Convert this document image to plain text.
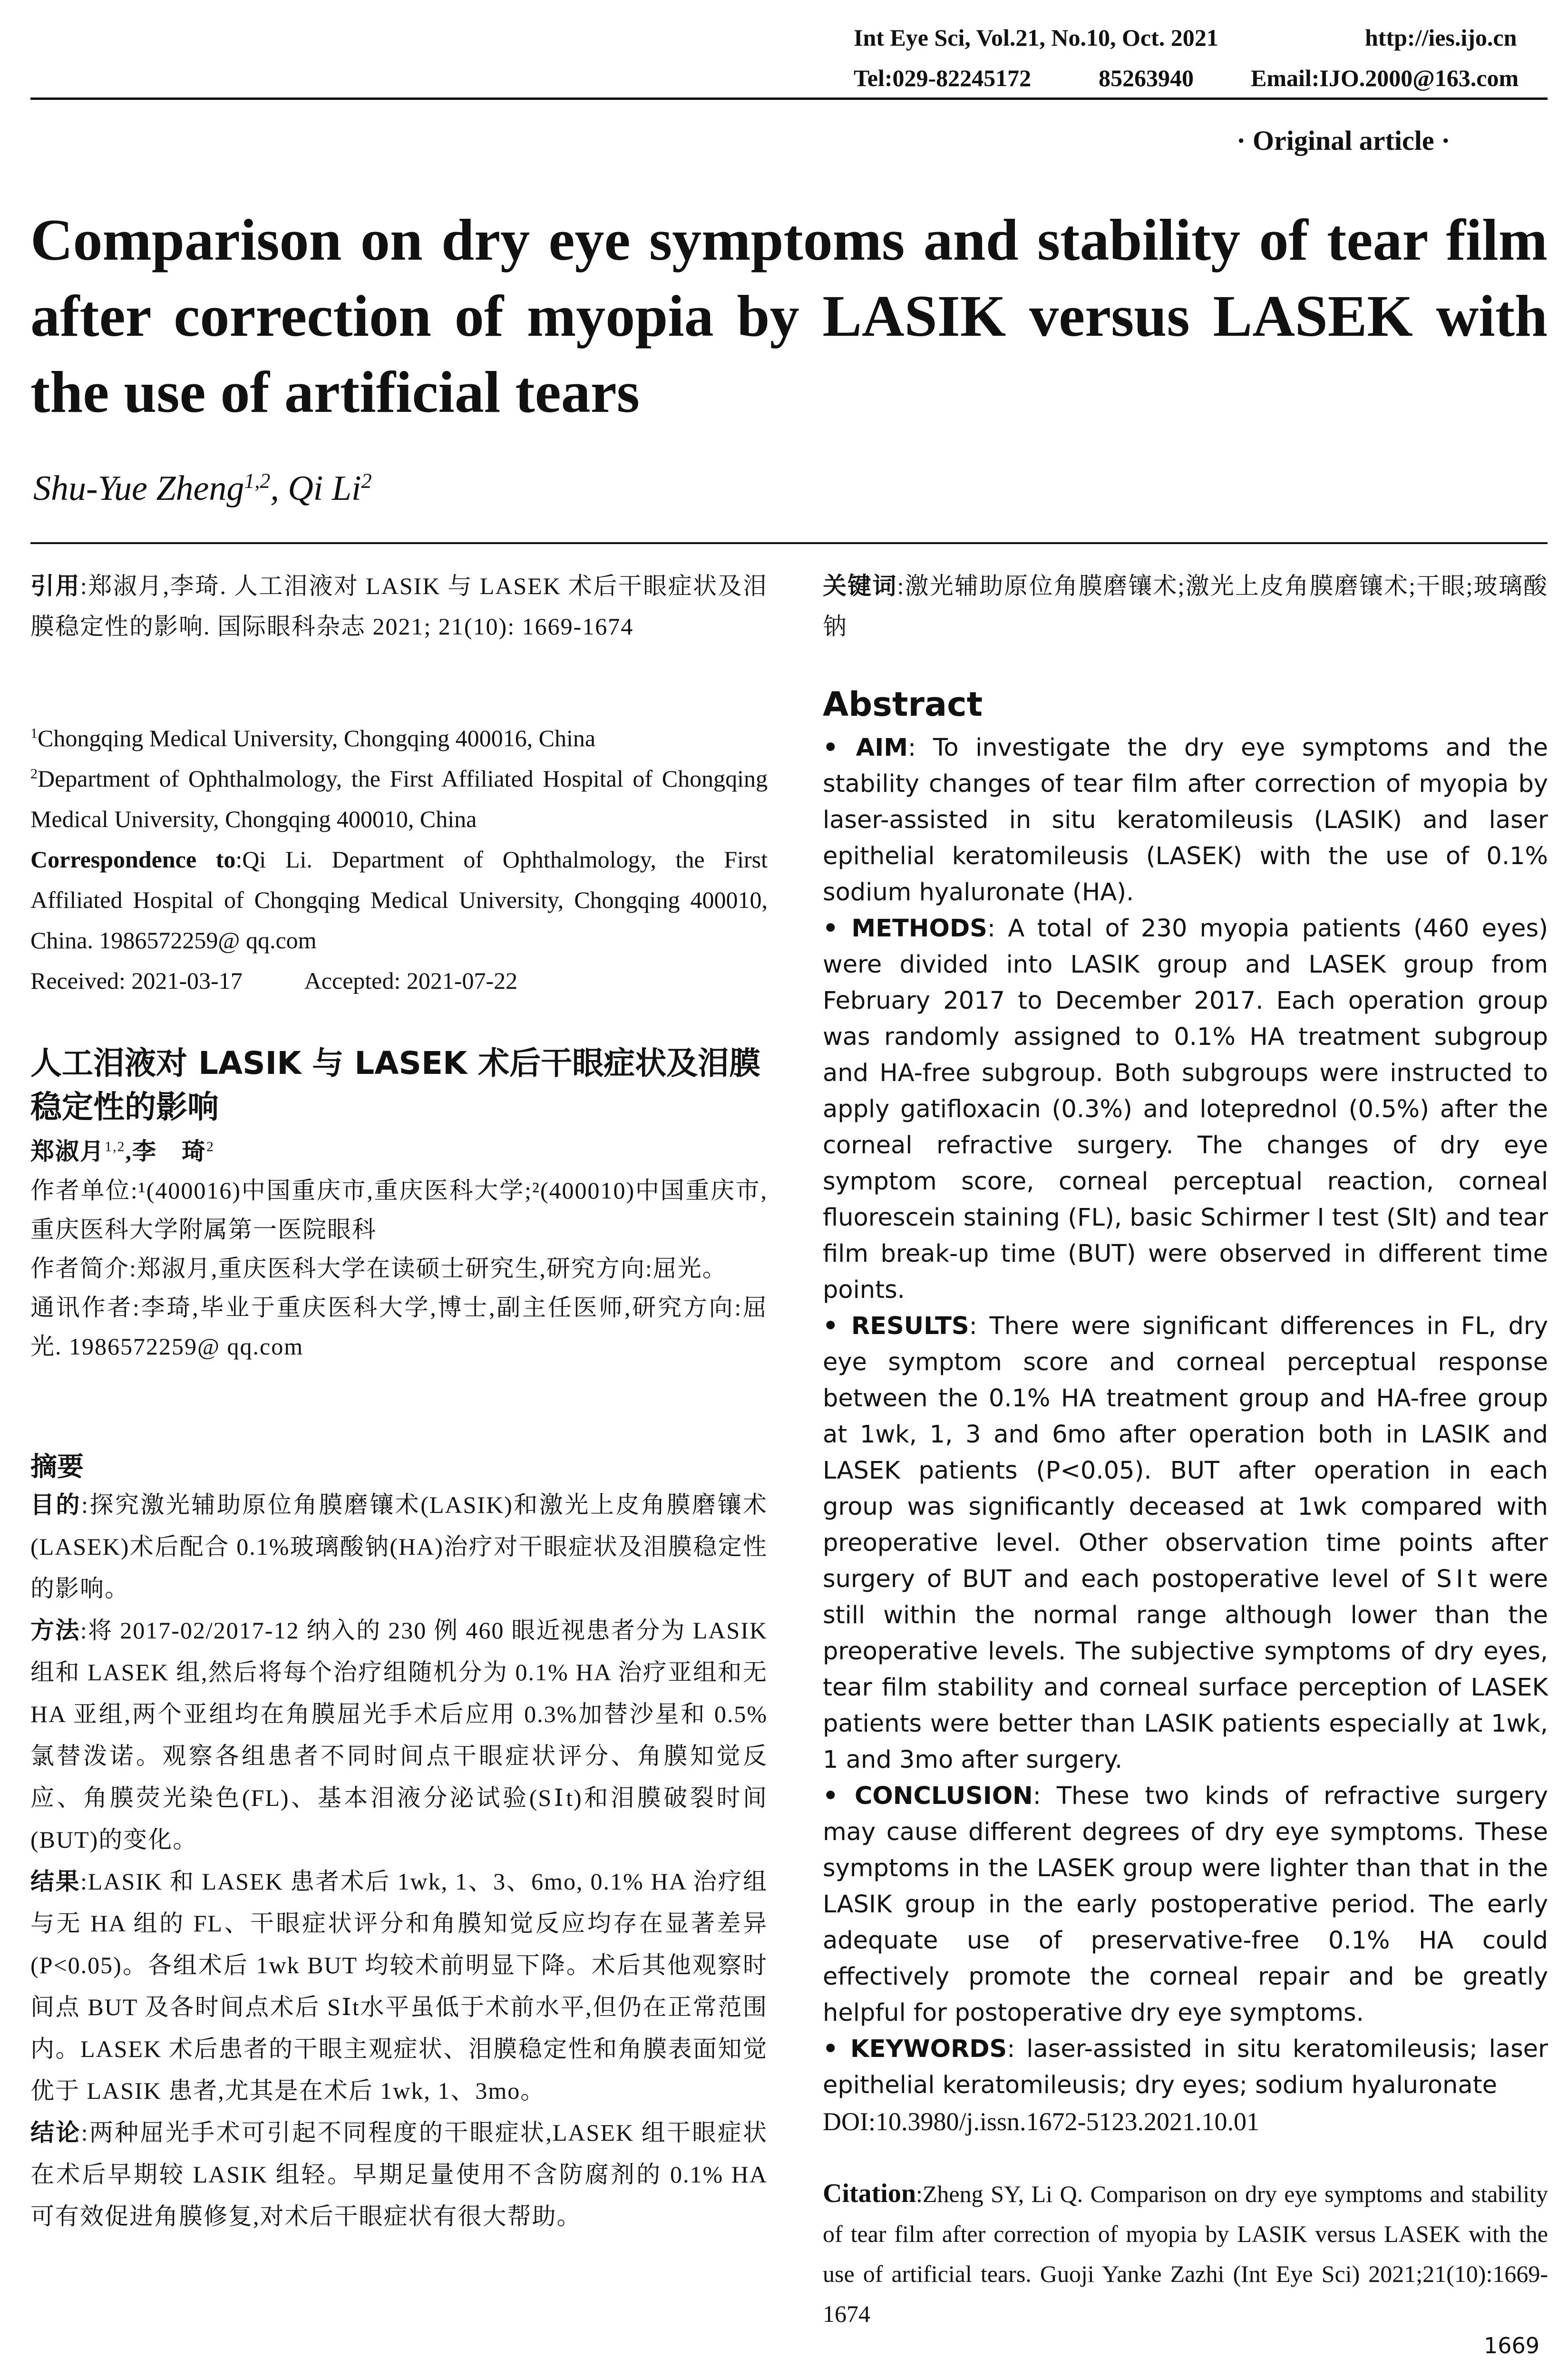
Int Eye Sci, Vol.21, No.10, Oct. 2021	http://ies.ijo.cn
Tel:029-82245172	85263940 Email:IJO.2000@163.com
· Original article ·
Comparison on dry eye symptoms and stability of tear film after correction of myopia by LASIK versus LASEK with the use of artificial tears
Shu-Yue Zheng$^{1,2}$, Qi Li$^2$
引用:郑淑月,李琦. 人工泪液对 LASIK 与 LASEK 术后干眼症状及泪膜稳定性的影响. 国际眼科杂志 2021; 21(10): 1669-1674

$^1$Chongqing Medical University, Chongqing 400016, China

$^2$Department of Ophthalmology, the First Affiliated Hospital of Chongqing Medical University, Chongqing 400010, China

Correspondence to:Qi Li. Department of Ophthalmology, the First Affiliated Hospital of Chongqing Medical University, Chongqing 400010, China. 1986572259@ qq.com

Received: 2021-03-17	Accepted: 2021-07-22

人工泪液对 LASIK 与 LASEK 术后干眼症状及泪膜稳定性的影响

郑淑月$^{1,2}$,李　琦$^2$

作者单位:¹(400016)中国重庆市,重庆医科大学;²(400010)中国重庆市,重庆医科大学附属第一医院眼科

作者简介:郑淑月,重庆医科大学在读硕士研究生,研究方向:屈光。

通讯作者:李琦,毕业于重庆医科大学,博士,副主任医师,研究方向:屈光. 1986572259@ qq.com

摘要

目的:探究激光辅助原位角膜磨镶术(LASIK)和激光上皮角膜磨镶术(LASEK)术后配合 0.1%玻璃酸钠(HA)治疗对干眼症状及泪膜稳定性的影响。

方法:将 2017-02/2017-12 纳入的 230 例 460 眼近视患者分为 LASIK 组和 LASEK 组,然后将每个治疗组随机分为 0.1% HA 治疗亚组和无 HA 亚组,两个亚组均在角膜屈光手术后应用 0.3%加替沙星和 0.5%氯替泼诺。观察各组患者不同时间点干眼症状评分、角膜知觉反应、角膜荧光染色(FL)、基本泪液分泌试验(SⅠt)和泪膜破裂时间(BUT)的变化。

结果:LASIK 和 LASEK 患者术后 1wk, 1、3、6mo, 0.1% HA 治疗组与无 HA 组的 FL、干眼症状评分和角膜知觉反应均存在显著差异(P<0.05)。各组术后 1wk BUT 均较术前明显下降。术后其他观察时间点 BUT 及各时间点术后 SⅠt水平虽低于术前水平,但仍在正常范围内。LASEK 术后患者的干眼主观症状、泪膜稳定性和角膜表面知觉优于 LASIK 患者,尤其是在术后 1wk, 1、3mo。

结论:两种屈光手术可引起不同程度的干眼症状,LASEK 组干眼症状在术后早期较 LASIK 组轻。早期足量使用不含防腐剂的 0.1% HA 可有效促进角膜修复,对术后干眼症状有很大帮助。

关键词:激光辅助原位角膜磨镶术;激光上皮角膜磨镶术;干眼;玻璃酸钠
Abstract

• AIM: To investigate the dry eye symptoms and the stability changes of tear film after correction of myopia by laser-assisted in situ keratomileusis (LASIK) and laser epithelial keratomileusis (LASEK) with the use of 0.1% sodium hyaluronate (HA).

• METHODS: A total of 230 myopia patients (460 eyes) were divided into LASIK group and LASEK group from February 2017 to December 2017. Each operation group was randomly assigned to 0.1% HA treatment subgroup and HA-free subgroup. Both subgroups were instructed to apply gatifloxacin (0.3%) and loteprednol (0.5%) after the corneal refractive surgery. The changes of dry eye symptom score, corneal perceptual reaction, corneal fluorescein staining (FL), basic Schirmer Ⅰ test (SⅠt) and tear film break-up time (BUT) were observed in different time points.

• RESULTS: There were significant differences in FL, dry eye symptom score and corneal perceptual response between the 0.1% HA treatment group and HA-free group at 1wk, 1, 3 and 6mo after operation both in LASIK and LASEK patients (P<0.05). BUT after operation in each group was significantly deceased at 1wk compared with preoperative level. Other observation time points after surgery of BUT and each postoperative level of SⅠt were still within the normal range although lower than the preoperative levels. The subjective symptoms of dry eyes, tear film stability and corneal surface perception of LASEK patients were better than LASIK patients especially at 1wk, 1 and 3mo after surgery.

• CONCLUSION: These two kinds of refractive surgery may cause different degrees of dry eye symptoms. These symptoms in the LASEK group were lighter than that in the LASIK group in the early postoperative period. The early adequate use of preservative-free 0.1% HA could effectively promote the corneal repair and be greatly helpful for postoperative dry eye symptoms.

• KEYWORDS: laser-assisted in situ keratomileusis; laser epithelial keratomileusis; dry eyes; sodium hyaluronate

DOI:10.3980/j.issn.1672-5123.2021.10.01

Citation:Zheng SY, Li Q. Comparison on dry eye symptoms and stability of tear film after correction of myopia by LASIK versus LASEK with the use of artificial tears. Guoji Yanke Zazhi (Int Eye Sci) 2021;21(10):1669-1674
1669
